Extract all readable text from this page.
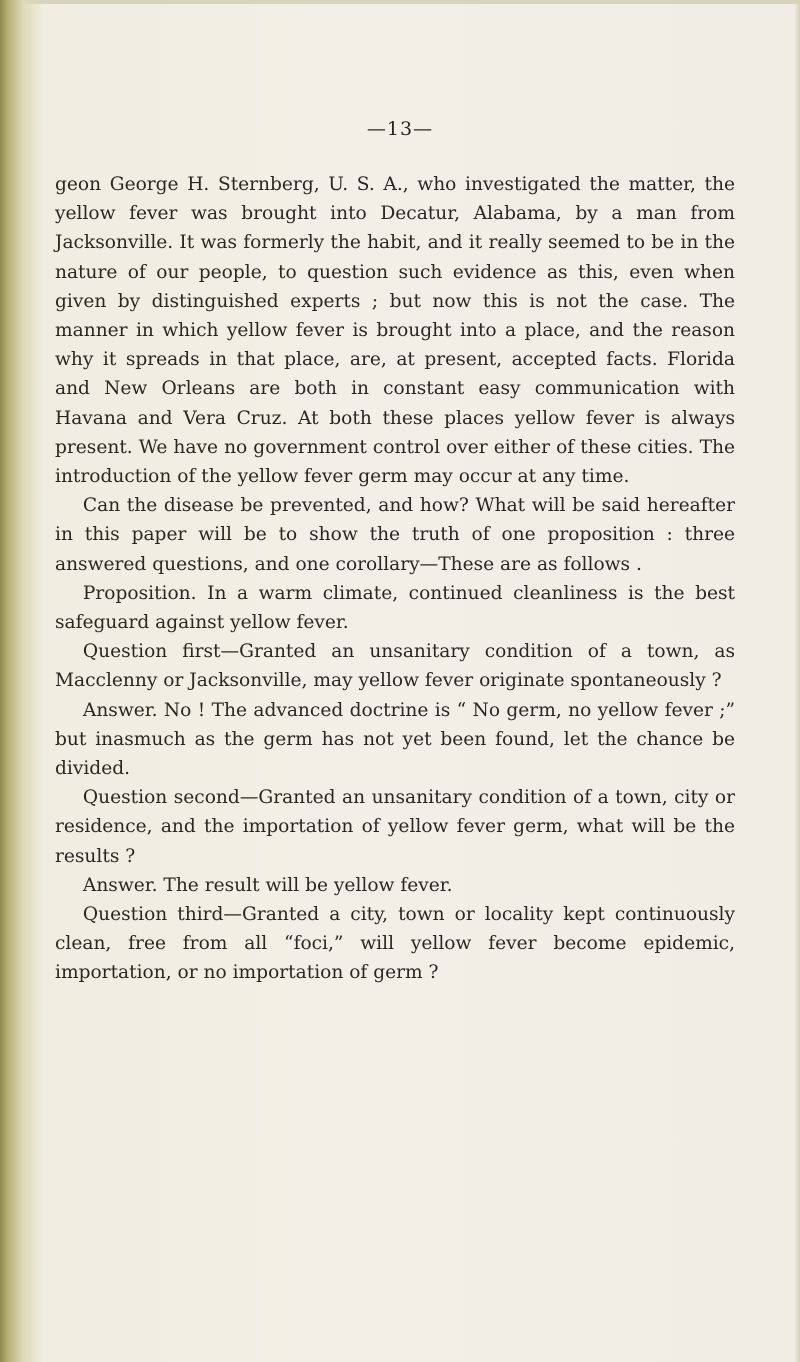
—13—

geon George H. Sternberg, U. S. A., who investigated the matter, the yellow fever was brought into Decatur, Alabama, by a man from Jacksonville. It was formerly the habit, and it really seemed to be in the nature of our people, to question such evidence as this, even when given by distinguished experts ; but now this is not the case. The manner in which yellow fever is brought into a place, and the reason why it spreads in that place, are, at present, accepted facts. Florida and New Orleans are both in constant easy communication with Havana and Vera Cruz. At both these places yellow fever is always present. We have no government control over either of these cities. The introduction of the yellow fever germ may occur at any time.

Can the disease be prevented, and how? What will be said hereafter in this paper will be to show the truth of one proposition : three answered questions, and one corollary—These are as follows .

Proposition. In a warm climate, continued cleanliness is the best safeguard against yellow fever.

Question first—Granted an unsanitary condition of a town, as Macclenny or Jacksonville, may yellow fever originate spontaneously ?

Answer. No ! The advanced doctrine is “ No germ, no yellow fever ;” but inasmuch as the germ has not yet been found, let the chance be divided.

Question second—Granted an unsanitary condition of a town, city or residence, and the importation of yellow fever germ, what will be the results ?

Answer. The result will be yellow fever.

Question third—Granted a city, town or locality kept continuously clean, free from all “foci,” will yellow fever become epidemic, importation, or no importation of germ ?
